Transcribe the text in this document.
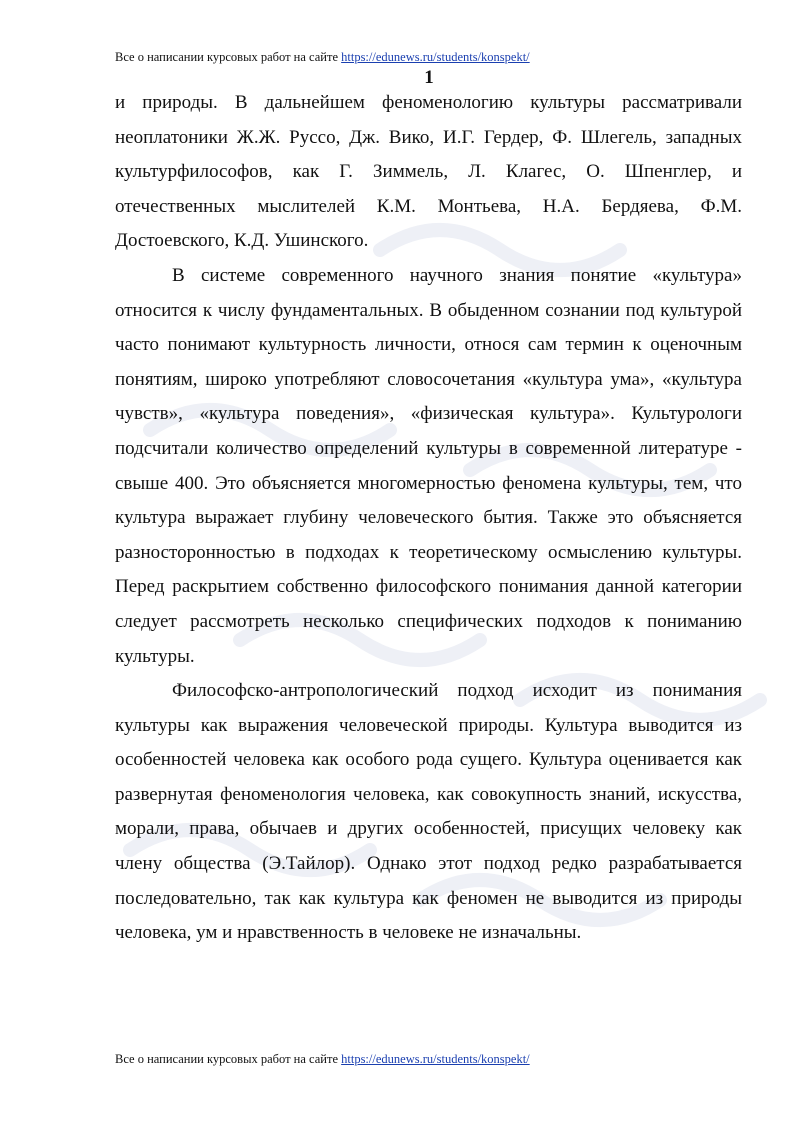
Все о написании курсовых работ на сайте https://edunews.ru/students/konspekt/
1

и природы. В дальнейшем феноменологию культуры рассматривали неоплатоники Ж.Ж. Руссо, Дж. Вико, И.Г. Гердер, Ф. Шлегель, западных культурфилософов, как Г. Зиммель, Л. Клагес, О. Шпенглер, и отечественных мыслителей К.М. Монтьева, Н.А. Бердяева, Ф.М. Достоевского, К.Д. Ушинского.

В системе современного научного знания понятие «культура» относится к числу фундаментальных. В обыденном сознании под культурой часто понимают культурность личности, относя сам термин к оценочным понятиям, широко употребляют словосочетания «культура ума», «культура чувств», «культура поведения», «физическая культура». Культурологи подсчитали количество определений культуры в современной литературе - свыше 400. Это объясняется многомерностью феномена культуры, тем, что культура выражает глубину человеческого бытия. Также это объясняется разносторонностью в подходах к теоретическому осмыслению культуры. Перед раскрытием собственно философского понимания данной категории следует рассмотреть несколько специфических подходов к пониманию культуры.

Философско-антропологический подход исходит из понимания культуры как выражения человеческой природы. Культура выводится из особенностей человека как особого рода сущего. Культура оценивается как развернутая феноменология человека, как совокупность знаний, искусства, морали, права, обычаев и других особенностей, присущих человеку как члену общества (Э.Тайлор). Однако этот подход редко разрабатывается последовательно, так как культура как феномен не выводится из природы человека, ум и нравственность в человеке не изначальны.

Все о написании курсовых работ на сайте https://edunews.ru/students/konspekt/
